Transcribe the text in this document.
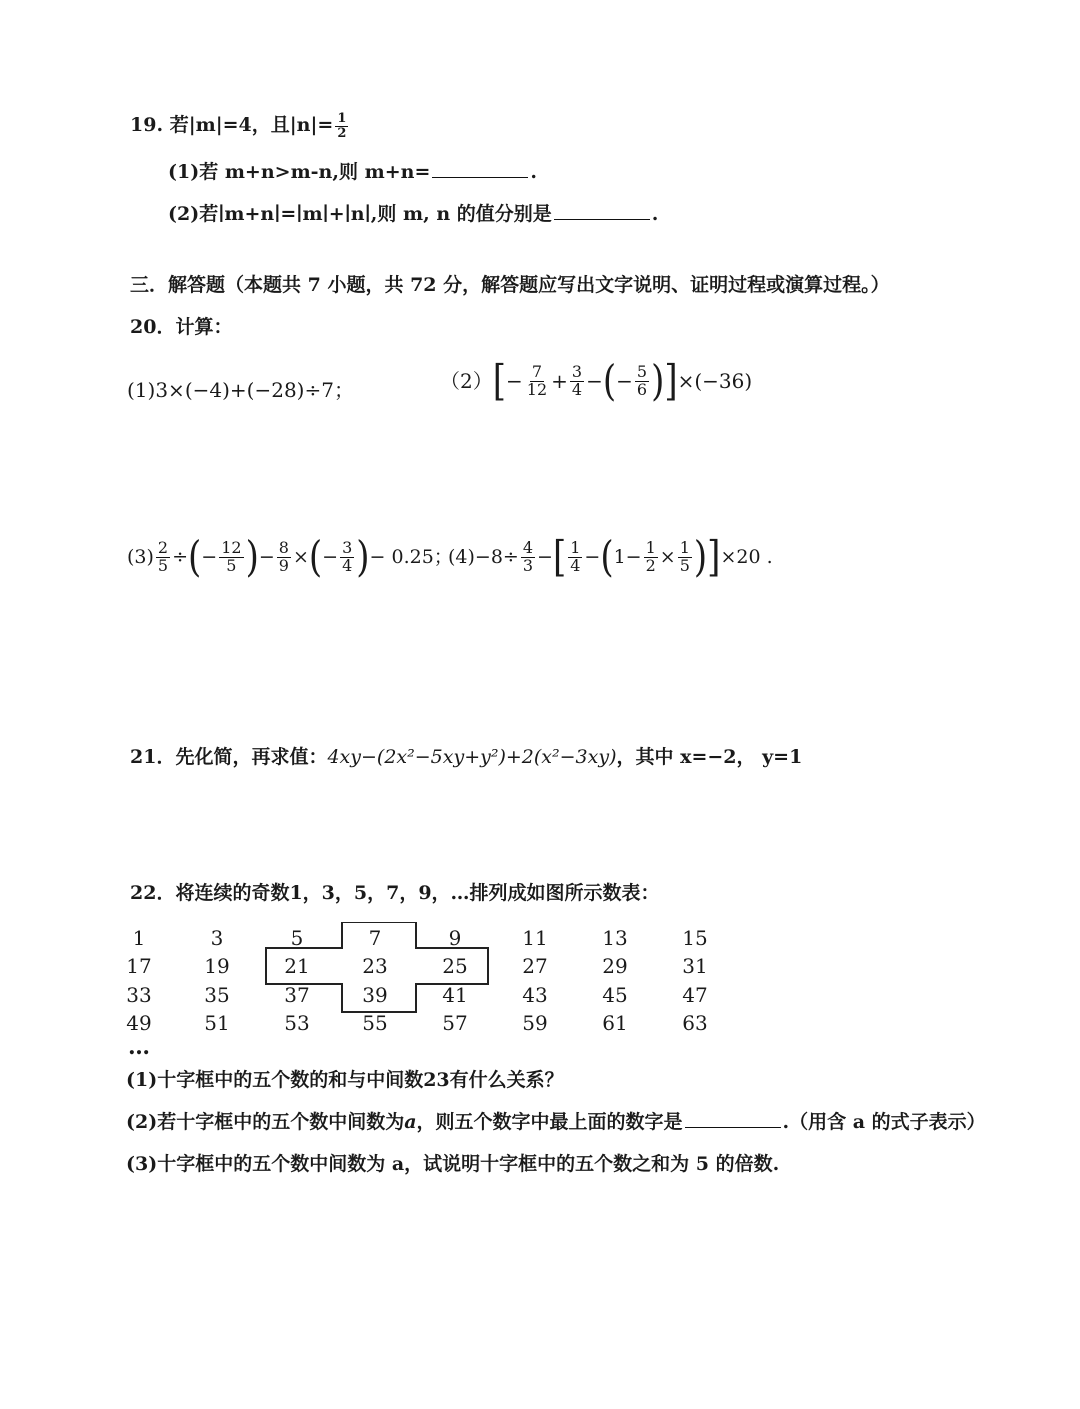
19. 若|m|=4，且$|n|= \frac{1}{2}$
(1)若 m+n>m-n,则 m+n=	.
(2)若∣m+n∣=∣m∣+∣n∣,则 m, n 的值分别是	.
三．解答题（本题共 7 小题，共 72 分，解答题应写出文字说明、证明过程或演算过程。）
20．计算：
(1)3×(−4)+(−28)÷7；	（2） [ − $\frac{7}{12} + \frac{3}{4}$ − ( − $\frac{5}{6}$ ) ] ×(−36)
$(3) \frac{2}{5}$ ÷ ( − $\frac{12}{5}$ ) − $\frac{8}{9}$ × ( − $\frac{3}{4}$ ) − 0.25；
$(4)-8\div \frac{4}{3}$ − [ $\frac{1}{4}$ − ( $1- \frac{1}{2} \times \frac{1}{5}$ ) ] ×20 .
21．先化简，再求值：4xy−(2x²−5xy+y²)+2(x²−3xy)，其中 x=−2， y=1
22．将连续的奇数1，3，5，7，9，…排列成如图所示数表：
1	3	5	7	9	11	13	15
17	19	21	23	25	27	29	31
33	35	37	39	41	43	45	47
49	51	53	55	57	59	61	63
…
(1)十字框中的五个数的和与中间数23有什么关系？
(2)若十字框中的五个数中间数为a，则五个数字中最上面的数字是	.（用含 a 的式子表示）
(3)十字框中的五个数中间数为 a，试说明十字框中的五个数之和为 5 的倍数.
